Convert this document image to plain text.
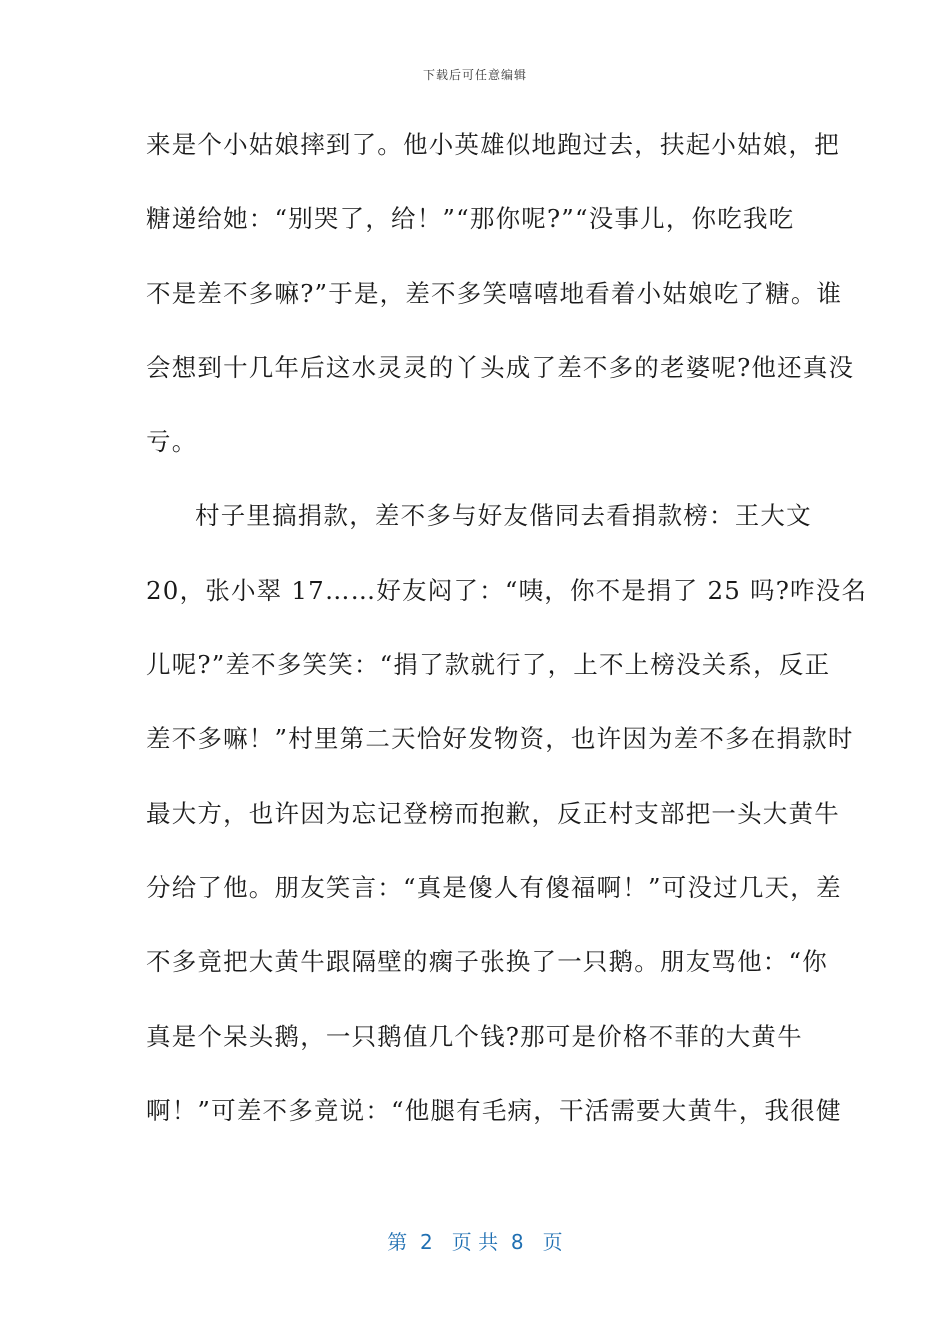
下载后可任意编辑
来是个小姑娘摔到了。他小英雄似地跑过去，扶起小姑娘，把
糖递给她：“别哭了，给！”“那你呢?”“没事儿，你吃我吃
不是差不多嘛?”于是，差不多笑嘻嘻地看着小姑娘吃了糖。谁
会想到十几年后这水灵灵的丫头成了差不多的老婆呢?他还真没
亏。
村子里搞捐款，差不多与好友偕同去看捐款榜：王大文
20，张小翠 17……好友闷了：“咦，你不是捐了 25 吗?咋没名
儿呢?”差不多笑笑：“捐了款就行了，上不上榜没关系，反正
差不多嘛！”村里第二天恰好发物资，也许因为差不多在捐款时
最大方，也许因为忘记登榜而抱歉，反正村支部把一头大黄牛
分给了他。朋友笑言：“真是傻人有傻福啊！”可没过几天，差
不多竟把大黄牛跟隔壁的瘸子张换了一只鹅。朋友骂他：“你
真是个呆头鹅，一只鹅值几个钱?那可是价格不菲的大黄牛
啊！”可差不多竟说：“他腿有毛病，干活需要大黄牛，我很健
第  2   页 共  8   页
